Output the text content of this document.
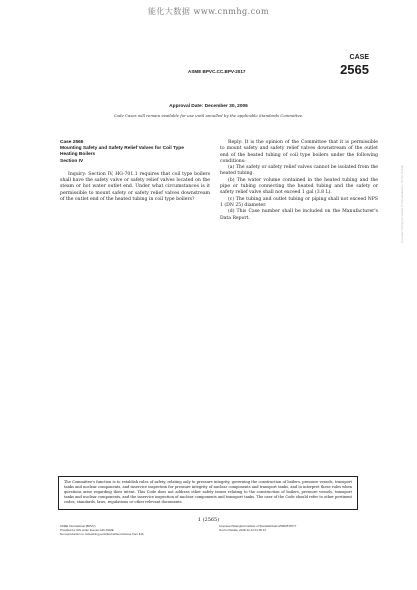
能化大数据 www.cnmhg.com
CASE
2565
ASME BPVC.CC.BPV-2017
Approval Date: December 30, 2006
Code Cases will remain available for use until annulled by the applicable Standards Committee.
Case 2565
Mounting Safety and Safety Relief Valves for Coil Type
Heating Boilers
Section IV

Inquiry: Section IV, HG-701.1 requires that coil type boilers shall have the safety valve or safety relief valves located on the steam or hot water outlet end. Under what circumstances is it permissible to mount safety or safety relief valves downstream of the outlet end of the heated tubing in coil type boilers?

Reply: It is the opinion of the Committee that it is permissible to mount safety and safety relief valves downstream of the outlet end of the heated tubing of coil type boilers under the following conditions:

(a) The safety or safety relief valves cannot be isolated from the heated tubing.

(b) The water volume contained in the heated tubing and the pipe or tubing connecting the heated tubing and the safety or safety relief valve shall not exceed 1 gal (3.8 L).

(c) The tubing and outlet tubing or piping shall not exceed NPS 1 (DN 25) diameter.

(d) This Case number shall be included on the Manufacturer's Data Report.	Licensee=Shanghai Institute of Standardization, Not for Resale
The Committee's function is to establish rules of safety, relating only to pressure integrity, governing the construction of boilers, pressure vessels, transport tanks and nuclear components, and inservice inspection for pressure integrity of nuclear components and transport tanks, and to interpret these rules when questions arise regarding their intent. This Code does not address other safety issues relating to the construction of boilers, pressure vessels, transport tanks and nuclear components, and the inservice inspection of nuclear components and transport tanks. The user of the Code should refer to other pertinent codes, standards, laws, regulations or other relevant documents.
1 (2565)
ASME International (BPVC)
Provided by IHS under license with ASME
No reproduction or networking permitted without license from IHS
Licensee=Shanghai Institute of Standardization/5960578777
Not for Resale, 2018-12-14 01:05:31
